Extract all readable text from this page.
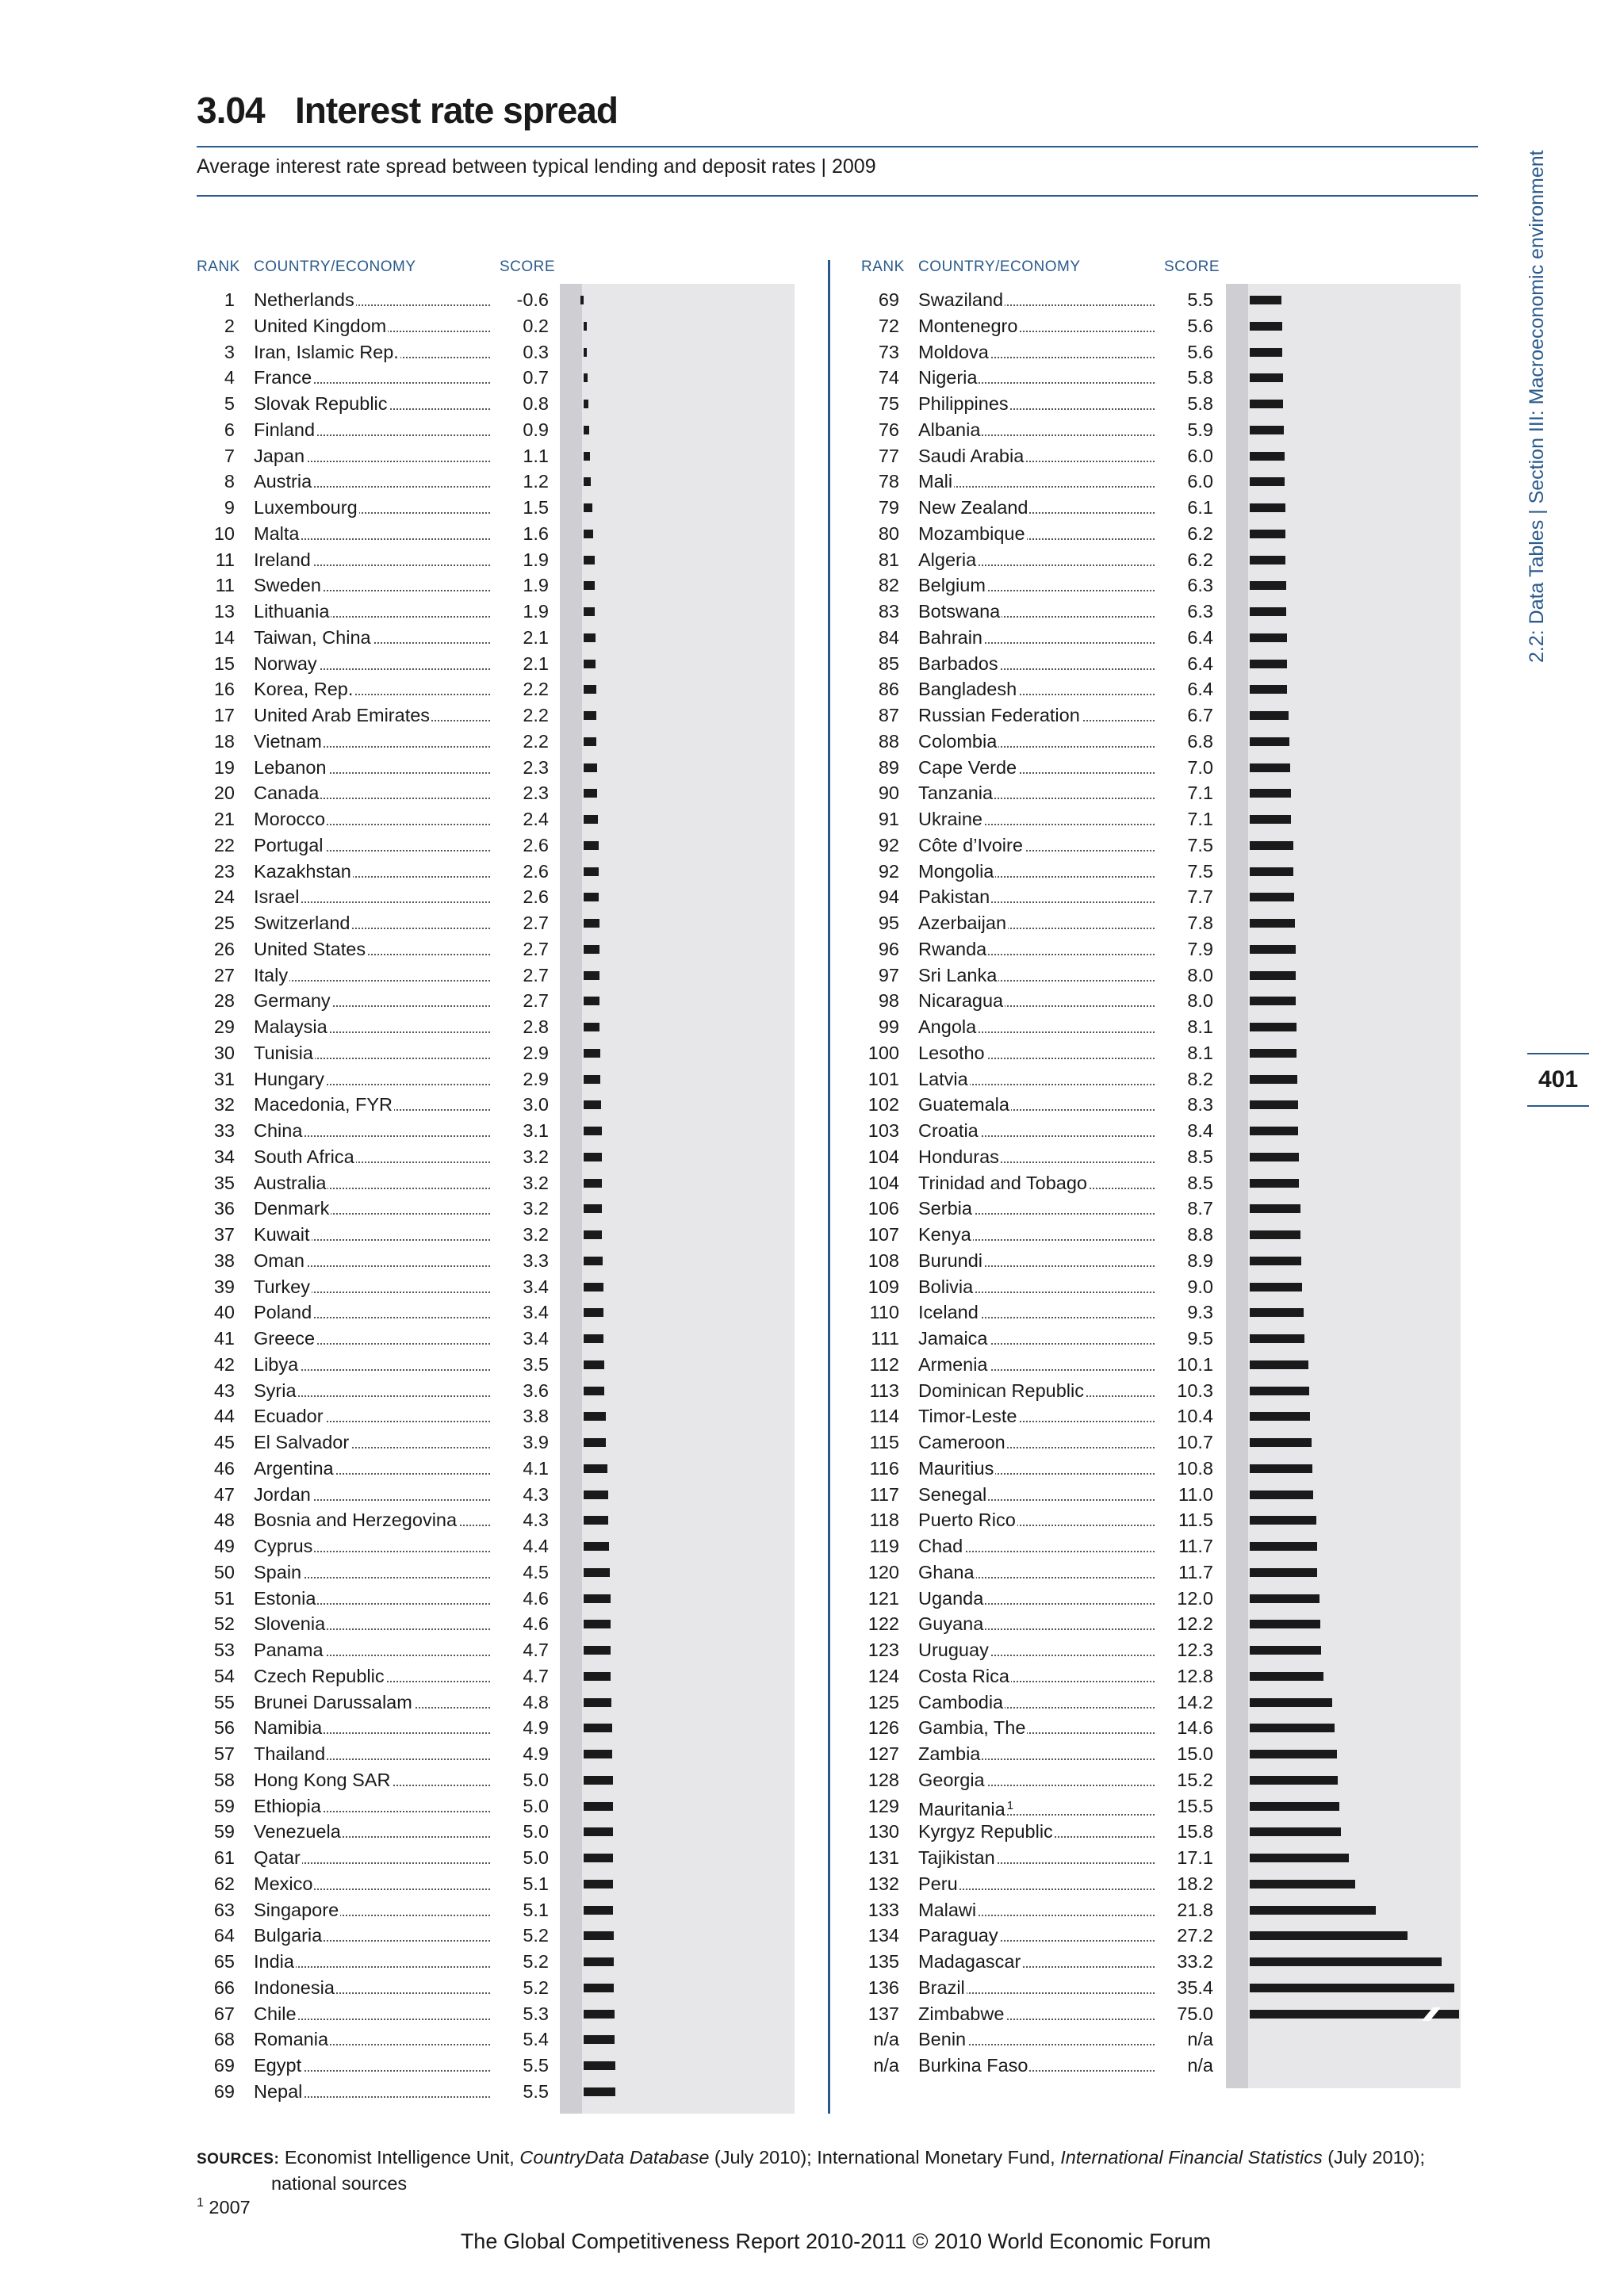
3.04 Interest rate spread
Average interest rate spread between typical lending and deposit rates | 2009
RANK COUNTRY/ECONOMY	SCORE	RANK COUNTRY/ECONOMY	SCORE
1 Netherlands	-0.6
2 United Kingdom	0.2
3 Iran, Islamic Rep.	0.3
4 France	0.7
5 Slovak Republic	0.8
6 Finland	0.9
7 Japan	1.1
8 Austria	1.2
9 Luxembourg	1.5
10 Malta	1.6
11 Ireland	1.9
11 Sweden	1.9
13 Lithuania	1.9
14 Taiwan, China	2.1
15 Norway	2.1
16 Korea, Rep.	2.2
17 United Arab Emirates	2.2
18 Vietnam	2.2
19 Lebanon	2.3
20 Canada	2.3
21 Morocco	2.4
22 Portugal	2.6
23 Kazakhstan	2.6
24 Israel	2.6
25 Switzerland	2.7
26 United States	2.7
27 Italy	2.7
28 Germany	2.7
29 Malaysia	2.8
30 Tunisia	2.9
31 Hungary	2.9
32 Macedonia, FYR	3.0
33 China	3.1
34 South Africa	3.2
35 Australia	3.2
36 Denmark	3.2
37 Kuwait	3.2
38 Oman	3.3
39 Turkey	3.4
40 Poland	3.4
41 Greece	3.4
42 Libya	3.5
43 Syria	3.6
44 Ecuador	3.8
45 El Salvador	3.9
46 Argentina	4.1
47 Jordan	4.3
48 Bosnia and Herzegovina	4.3
49 Cyprus	4.4
50 Spain	4.5
51 Estonia	4.6
52 Slovenia	4.6
53 Panama	4.7
54 Czech Republic	4.7
55 Brunei Darussalam	4.8
56 Namibia	4.9
57 Thailand	4.9
58 Hong Kong SAR	5.0
59 Ethiopia	5.0
59 Venezuela	5.0
61 Qatar	5.0
62 Mexico	5.1
63 Singapore	5.1
64 Bulgaria	5.2
65 India	5.2
66 Indonesia	5.2
67 Chile	5.3
68 Romania	5.4
69 Egypt	5.5
69 Nepal	5.5
69 Swaziland	5.5
72 Montenegro	5.6
73 Moldova	5.6
74 Nigeria	5.8
75 Philippines	5.8
76 Albania	5.9
77 Saudi Arabia	6.0
78 Mali	6.0
79 New Zealand	6.1
80 Mozambique	6.2
81 Algeria	6.2
82 Belgium	6.3
83 Botswana	6.3
84 Bahrain	6.4
85 Barbados	6.4
86 Bangladesh	6.4
87 Russian Federation	6.7
88 Colombia	6.8
89 Cape Verde	7.0
90 Tanzania	7.1
91 Ukraine	7.1
92 Côte d’Ivoire	7.5
92 Mongolia	7.5
94 Pakistan	7.7
95 Azerbaijan	7.8
96 Rwanda	7.9
97 Sri Lanka	8.0
98 Nicaragua	8.0
99 Angola	8.1
100 Lesotho	8.1
101 Latvia	8.2
102 Guatemala	8.3
103 Croatia	8.4
104 Honduras	8.5
104 Trinidad and Tobago	8.5
106 Serbia	8.7
107 Kenya	8.8
108 Burundi	8.9
109 Bolivia	9.0
110 Iceland	9.3
111 Jamaica	9.5
112 Armenia	10.1
113 Dominican Republic	10.3
114 Timor-Leste	10.4
115 Cameroon	10.7
116 Mauritius	10.8
117 Senegal	11.0
118 Puerto Rico	11.5
119 Chad	11.7
120 Ghana	11.7
121 Uganda	12.0
122 Guyana	12.2
123 Uruguay	12.3
124 Costa Rica	12.8
125 Cambodia	14.2
126 Gambia, The	14.6
127 Zambia	15.0
128 Georgia	15.2
129 Mauritania $^1$	15.5
130 Kyrgyz Republic	15.8
131 Tajikistan	17.1
132 Peru	18.2
133 Malawi	21.8
134 Paraguay	27.2
135 Madagascar	33.2
136 Brazil	35.4
137 Zimbabwe	75.0
n/a Benin	n/a
n/a Burkina Faso	n/a
2.2: Data Tables | Section III: Macroeconomic environment
401
SOURCES: Economist Intelligence Unit, CountryData Database (July 2010); International Monetary Fund, International Financial Statistics (July 2010);
national sources
$^1$ 2007
The Global Competitiveness Report 2010-2011 © 2010 World Economic Forum
